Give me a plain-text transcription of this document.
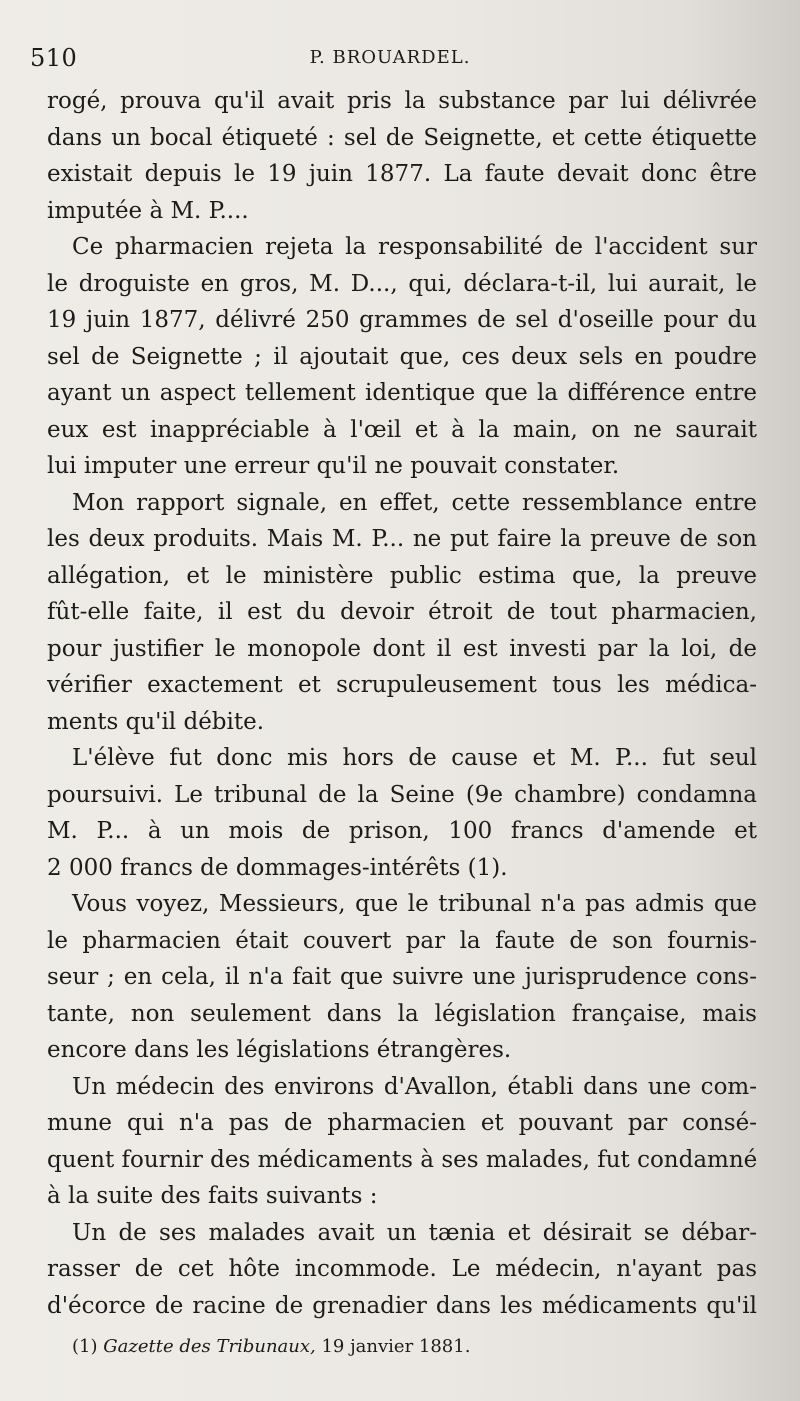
510	P. BROUARDEL.
rogé, prouva qu'il avait pris la substance par lui délivrée
dans un bocal étiqueté : sel de Seignette, et cette étiquette
existait depuis le 19 juin 1877. La faute devait donc être
imputée à M. P....
Ce pharmacien rejeta la responsabilité de l'accident sur
le droguiste en gros, M. D..., qui, déclara-t-il, lui aurait, le
19 juin 1877, délivré 250 grammes de sel d'oseille pour du
sel de Seignette ; il ajoutait que, ces deux sels en poudre
ayant un aspect tellement identique que la différence entre
eux est inappréciable à l'œil et à la main, on ne saurait
lui imputer une erreur qu'il ne pouvait constater.
Mon rapport signale, en effet, cette ressemblance entre
les deux produits. Mais M. P... ne put faire la preuve de son
allégation, et le ministère public estima que, la preuve
fût-elle faite, il est du devoir étroit de tout pharmacien,
pour justifier le monopole dont il est investi par la loi, de
vérifier exactement et scrupuleusement tous les médica-
ments qu'il débite.
L'élève fut donc mis hors de cause et M. P... fut seul
poursuivi. Le tribunal de la Seine (9e chambre) condamna
M. P... à un mois de prison, 100 francs d'amende et
2 000 francs de dommages-intérêts (1).
Vous voyez, Messieurs, que le tribunal n'a pas admis que
le pharmacien était couvert par la faute de son fournis-
seur ; en cela, il n'a fait que suivre une jurisprudence cons-
tante, non seulement dans la législation française, mais
encore dans les législations étrangères.
Un médecin des environs d'Avallon, établi dans une com-
mune qui n'a pas de pharmacien et pouvant par consé-
quent fournir des médicaments à ses malades, fut condamné
à la suite des faits suivants :
Un de ses malades avait un tænia et désirait se débar-
rasser de cet hôte incommode. Le médecin, n'ayant pas
d'écorce de racine de grenadier dans les médicaments qu'il
(1) Gazette des Tribunaux, 19 janvier 1881.
